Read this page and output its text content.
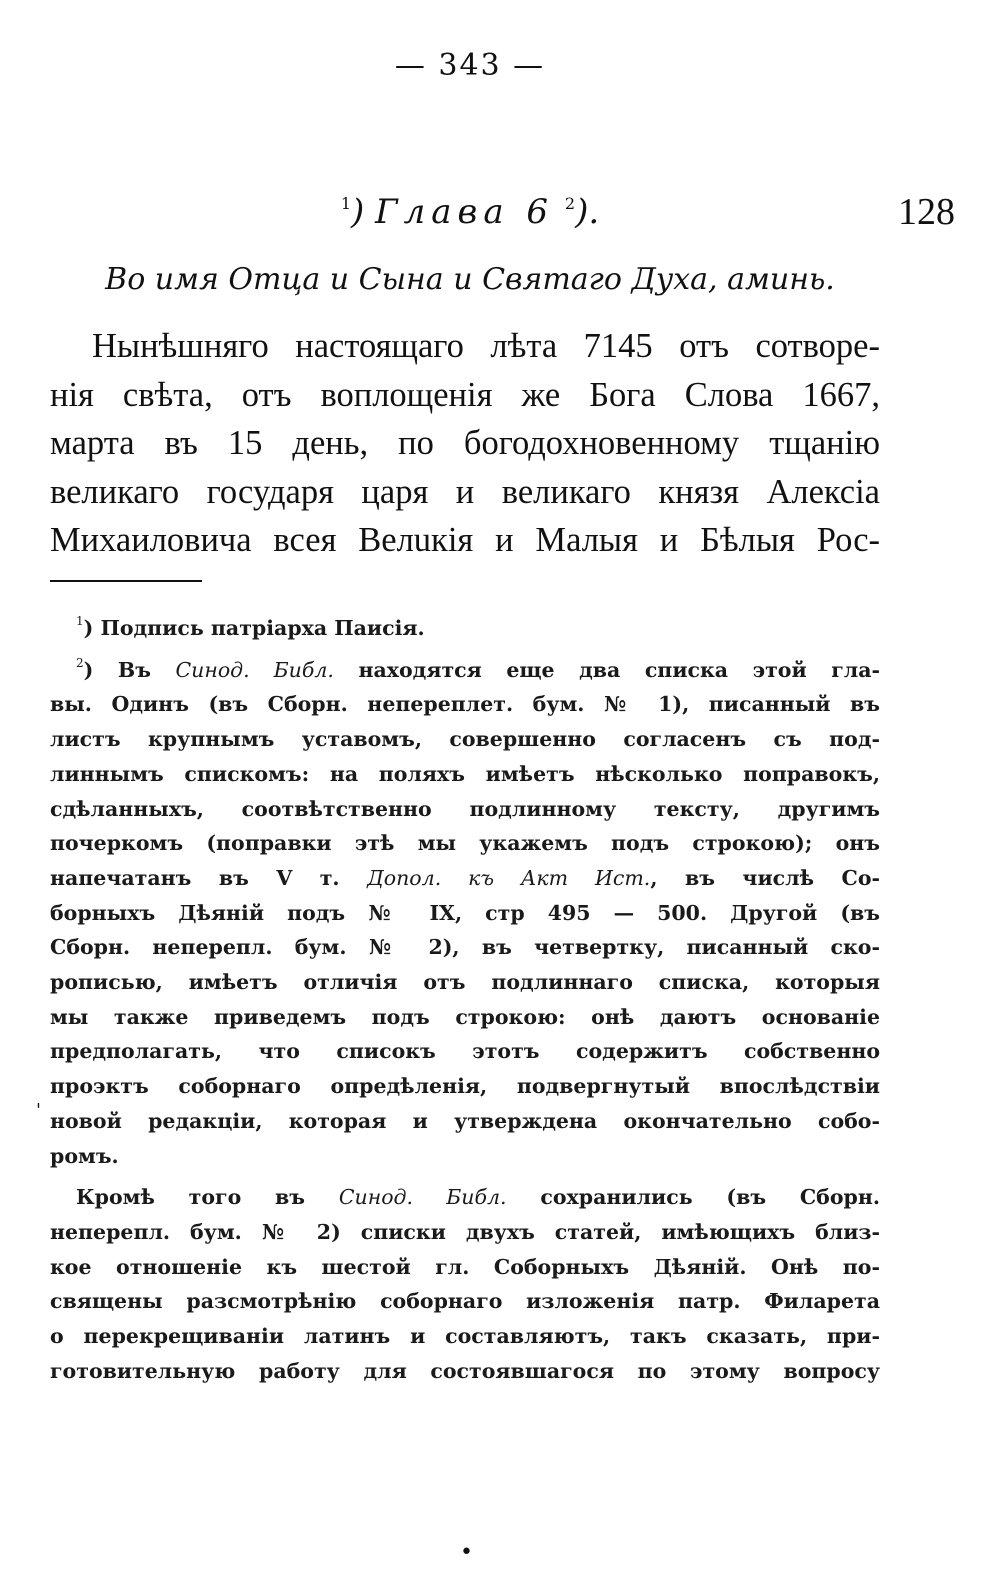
— 343 —
128
$^1$) Глава 6 $^2$).
Во имя Отца и Сына и Святаго Духа, аминь.
Нынѣшняго настоящаго лѣта 7145 отъ сотворе-
нія свѣта, отъ воплощенія же Бога Слова 1667,
марта въ 15 день, по богодохновенному тщанію
великаго государя царя и великаго князя Алексіа
Михаиловича всея Велuкія и Малыя и Бѣлыя Рос-
$^1$) Подпись патріарха Паисія.
$^2$) Въ Синод. Библ. находятся еще два списка этой гла-
вы. Одинъ (въ Сборн. непереплет. бум. № 1), писанный въ
листъ крупнымъ уставомъ, совершенно согласенъ съ под-
линнымъ спискомъ: на поляхъ имѣетъ нѣсколько поправокъ,
сдѣланныхъ, соотвѣтственно подлинному тексту, другимъ
почеркомъ (поправки этѣ мы укажемъ подъ строкою); онъ
напечатанъ въ V т. Допол. къ Акт Ист., въ числѣ Со-
борныхъ Дѣяній подъ № IX, стр 495 — 500. Другой (въ
Сборн. неперепл. бум. № 2), въ четвертку, писанный ско-
рописью, имѣетъ отличія отъ подлиннаго списка, которыя
мы также приведемъ подъ строкою: онѣ даютъ основаніе
предполагать, что списокъ этотъ содержитъ собственно
проэктъ соборнаго опредѣленія, подвергнутый впослѣдствіи
новой редакціи, которая и утверждена окончательно собо-
ромъ.
Кромѣ того въ Синод. Библ. сохранились (въ Сборн.
неперепл. бум. № 2) списки двухъ статей, имѣющихъ близ-
кое отношеніе къ шестой гл. Соборныхъ Дѣяній. Онѣ по-
священы разсмотрѣнію соборнаго изложенія патр. Филарета
о перекрещиваніи латинъ и составляютъ, такъ сказать, при-
готовительную работу для состоявшагося по этому вопросу
'
•
